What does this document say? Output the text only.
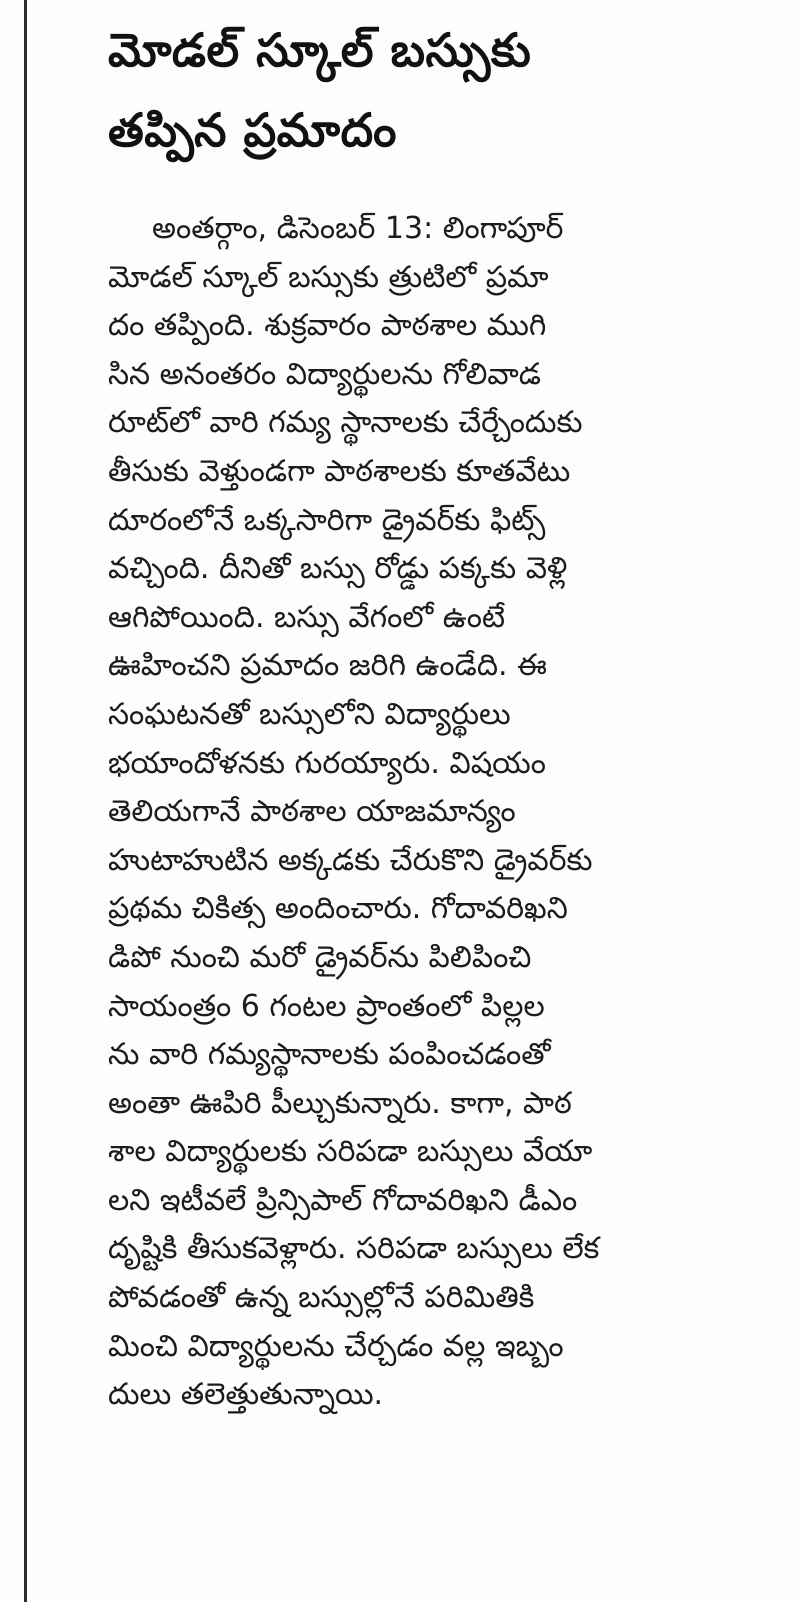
మోడల్ స్కూల్ బస్సుకు
తప్పిన ప్రమాదం
అంతర్గాం, డిసెంబర్ 13: లింగాపూర్
మోడల్ స్కూల్ బస్సుకు త్రుటిలో ప్రమా
దం తప్పింది. శుక్రవారం పాఠశాల ముగి
సిన అనంతరం విద్యార్థులను గోలివాడ
రూట్‌లో వారి గమ్య స్థానాలకు చేర్చేందుకు
తీసుకు వెళ్తుండగా పాఠశాలకు కూతవేటు
దూరంలోనే ఒక్కసారిగా డ్రైవర్‌కు ఫిట్స్
వచ్చింది. దీనితో బస్సు రోడ్డు పక్కకు వెళ్లి
ఆగిపోయింది. బస్సు వేగంలో ఉంటే
ఊహించని ప్రమాదం జరిగి ఉండేది. ఈ
సంఘటనతో బస్సులోని విద్యార్థులు
భయాందోళనకు గురయ్యారు. విషయం
తెలియగానే పాఠశాల యాజమాన్యం
హుటాహుటిన అక్కడకు చేరుకొని డ్రైవర్‌కు
ప్రథమ చికిత్స అందించారు. గోదావరిఖని
డిపో నుంచి మరో డ్రైవర్‌ను పిలిపించి
సాయంత్రం 6 గంటల ప్రాంతంలో పిల్లల
ను వారి గమ్యస్థానాలకు పంపించడంతో
అంతా ఊపిరి పీల్చుకున్నారు. కాగా, పాఠ
శాల విద్యార్థులకు సరిపడా బస్సులు వేయా
లని ఇటీవలే ప్రిన్సిపాల్ గోదావరిఖని డీఎం
దృష్టికి తీసుకవెళ్లారు. సరిపడా బస్సులు లేక
పోవడంతో ఉన్న బస్సుల్లోనే పరిమితికి
మించి విద్యార్థులను చేర్చడం వల్ల ఇబ్బం
దులు తలెత్తుతున్నాయి.
